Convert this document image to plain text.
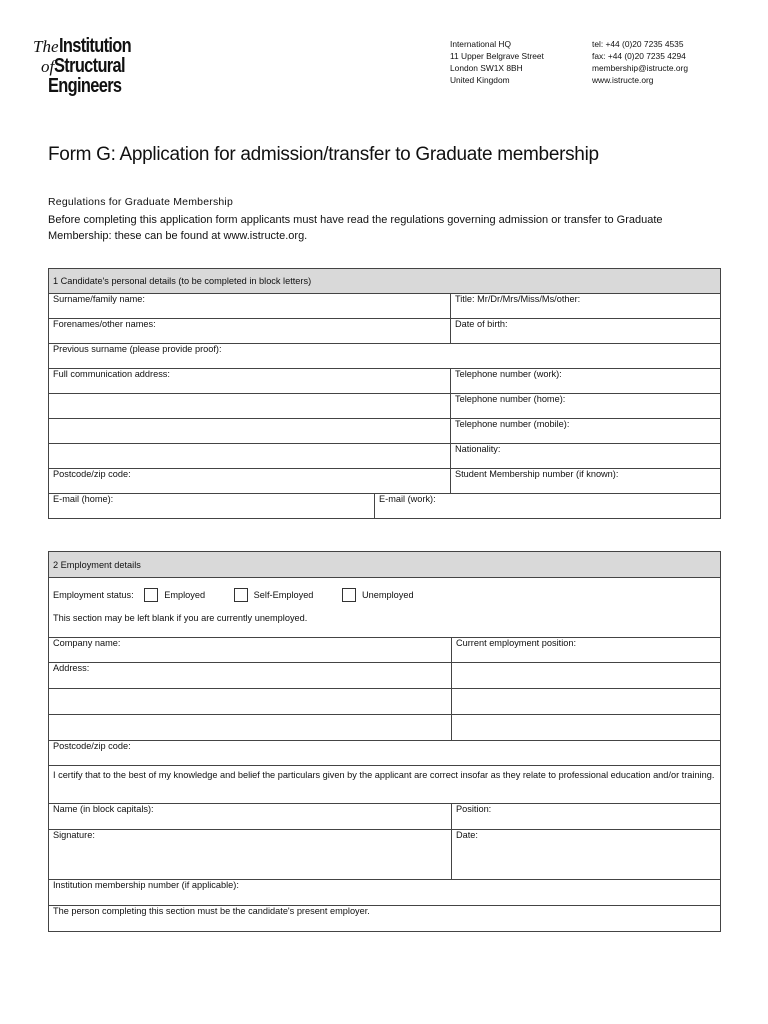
TheInstitution
ofStructural
Engineers
International HQ
11 Upper Belgrave Street
London SW1X 8BH
United Kingdom
tel: +44 (0)20 7235 4535
fax: +44 (0)20 7235 4294
membership@istructe.org
www.istructe.org
Form G: Application for admission/transfer to Graduate membership
Regulations for Graduate Membership
Before completing this application form applicants must have read the regulations governing admission or transfer to Graduate Membership: these can be found at www.istructe.org.
1 Candidate's personal details (to be completed in block letters)		
Surname/family name:		Title: Mr/Dr/Mrs/Miss/Ms/other:
Forenames/other names:		Date of birth:
Previous surname (please provide proof):		
Full communication address:		Telephone number (work):
		Telephone number (home):
		Telephone number (mobile):
		Nationality:
Postcode/zip code:		Student Membership number (if known):
E-mail (home):	E-mail (work):	
2 Employment details	

Employment status: Employed Self-Employed Unemployed
This section may be left blank if you are currently unemployed.	

Company name:	Current employment position:
Address:	

Postcode/zip code:	
I certify that to the best of my knowledge and belief the particulars given by the applicant are correct insofar as they relate to professional education and/or training.	
Name (in block capitals):	Position:
Signature:	Date:
Institution membership number (if applicable):	
The person completing this section must be the candidate's present employer.	
